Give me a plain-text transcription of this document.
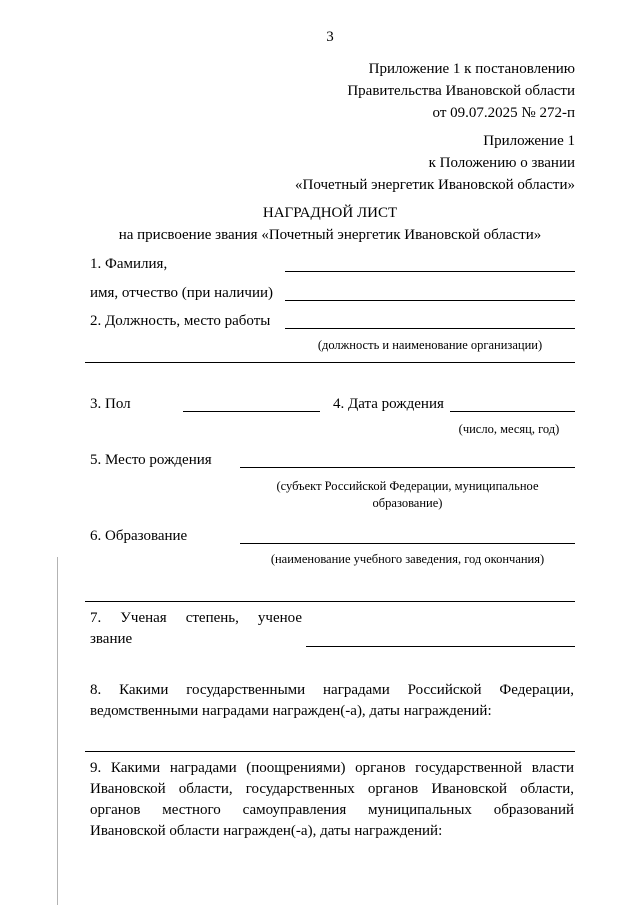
3
Приложение 1 к постановлению
Правительства Ивановской области
от 09.07.2025 № 272-п
Приложение 1
к Положению о звании
«Почетный энергетик Ивановской области»
НАГРАДНОЙ ЛИСТ
на присвоение звания «Почетный энергетик Ивановской области»
1. Фамилия,
имя, отчество (при наличии)
2. Должность, место работы
(должность и наименование организации)
3. Пол	4. Дата рождения
(число, месяц, год)
5. Место рождения
(субъект Российской Федерации, муниципальное образование)
6. Образование
(наименование учебного заведения, год окончания)
7. Ученая степень, ученое звание
8. Какими государственными наградами Российской Федерации, ведомственными наградами награжден(-а), даты награждений:
9. Какими наградами (поощрениями) органов государственной власти Ивановской области, государственных органов Ивановской области, органов местного самоуправления муниципальных образований Ивановской области награжден(-а), даты награждений:
